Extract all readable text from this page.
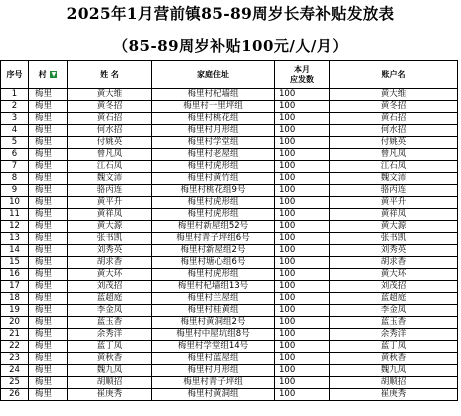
2025年1月营前镇85-89周岁长寿补贴发放表
（85-89周岁补贴100元/人/月）
序号	村 ▼	姓 名	家庭住址	本月
应发数	账户名
1	梅里	黄大维	梅里村杞墙组	100	黄大维
2	梅里	黄冬招	梅里村一里坪组	100	黄冬招
3	梅里	黄石招	梅里村桃花组	100	黄石招
4	梅里	何水招	梅里村月形组	100	何水招
5	梅里	付姚英	梅里村学堂组	100	付姚英
6	梅里	曾凡凤	梅里村老屋组	100	曾凡凤
7	梅里	江石凤	梅里村虎形组	100	江石凤
8	梅里	魏文沛	梅里村黄竹组	100	魏文沛
9	梅里	骆丙连	梅里村桃花组9号	100	骆丙连
10	梅里	黄平升	梅里村虎形组	100	黄平升
11	梅里	黄祥凤	梅里村虎形组	100	黄祥凤
12	梅里	黄大源	梅里村新屋组52号	100	黄大源
13	梅里	张书凯	梅里村青子坪组6号	100	张书凯
14	梅里	刘秀英	梅里村新屋组2号	100	刘秀英
15	梅里	胡求香	梅里村塘心组6号	100	胡求香
16	梅里	黄大环	梅里村虎形组	100	黄大环
17	梅里	刘茂招	梅里村杞墙组13号	100	刘茂招
18	梅里	蓝超庭	梅里村兰屋组	100	蓝超庭
19	梅里	李金凤	梅里村桂黄组	100	李金凤
20	梅里	蓝玉香	梅里村黄洞组2号	100	蓝玉香
21	梅里	余秀洋	梅里村中屋坑组8号	100	余秀洋
22	梅里	蓝丁凤	梅里村学堂组14号	100	蓝丁凤
23	梅里	黄秋香	梅里村蓝屋组	100	黄秋香
24	梅里	魏九凤	梅里村月形组	100	魏九凤
25	梅里	胡顺招	梅里村青子坪组	100	胡顺招
26	梅里	崔庚秀	梅里村黄洞组	100	崔庚秀
